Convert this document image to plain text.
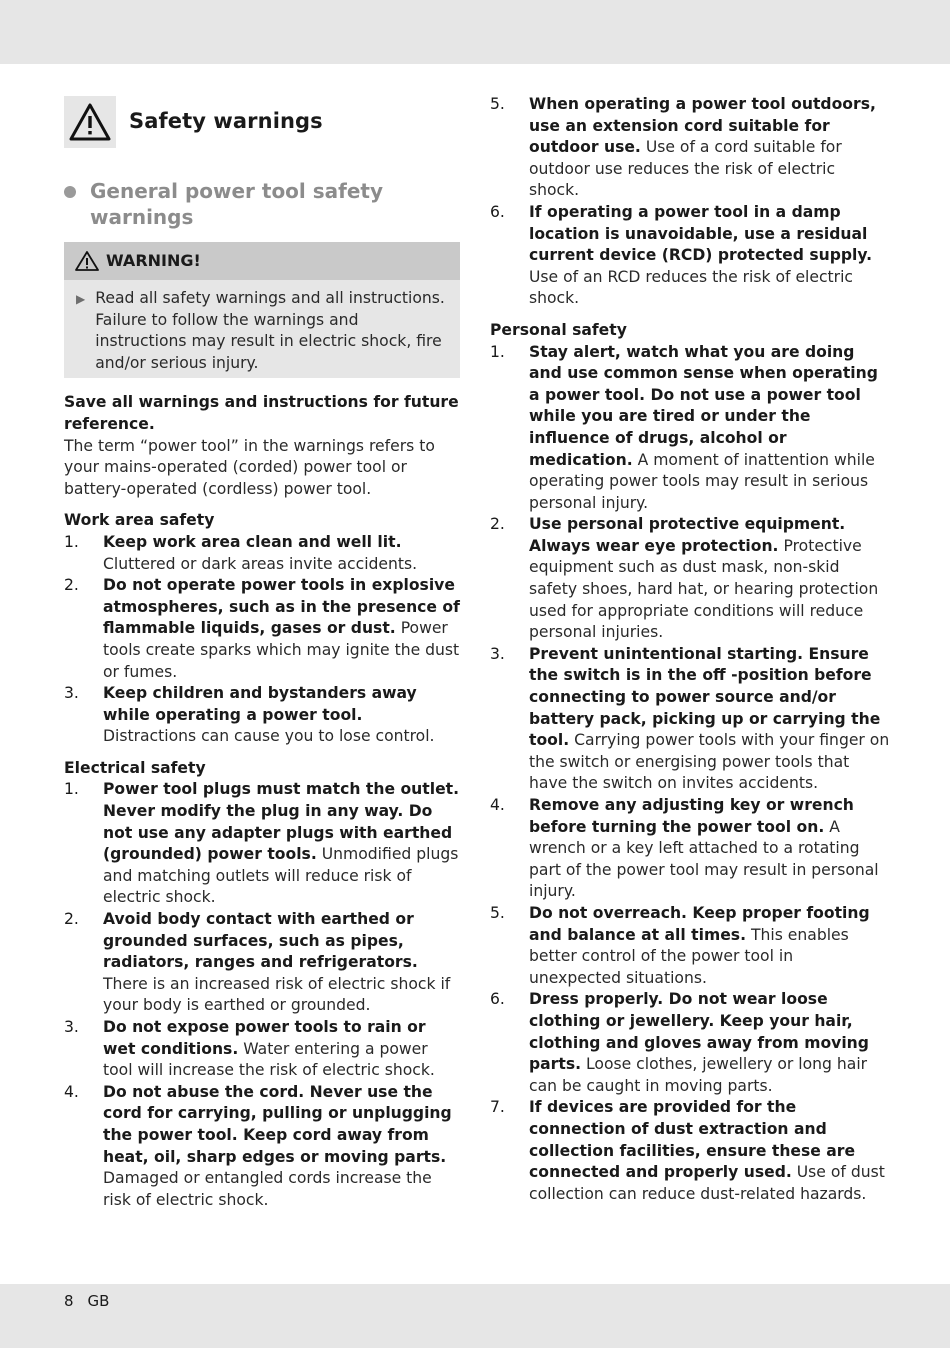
Safety warnings
General power tool safety warnings
WARNING!
▶ Read all safety warnings and all instructions. Failure to follow the warnings and instructions may result in electric shock, fire and/or serious injury.
Save all warnings and instructions for future reference.
The term “power tool” in the warnings refers to your mains-operated (corded) power tool or battery-operated (cordless) power tool.
Work area safety
1.	Keep work area clean and well lit. Cluttered or dark areas invite accidents.
2.	Do not operate power tools in explosive atmospheres, such as in the presence of flammable liquids, gases or dust. Power tools create sparks which may ignite the dust or fumes.
3.	Keep children and bystanders away while operating a power tool. Distractions can cause you to lose control.
Electrical safety
1.	Power tool plugs must match the outlet. Never modify the plug in any way. Do not use any adapter plugs with earthed (grounded) power tools. Unmodified plugs and matching outlets will reduce risk of electric shock.
2.	Avoid body contact with earthed or grounded surfaces, such as pipes, radiators, ranges and refrigerators. There is an increased risk of electric shock if your body is earthed or grounded.
3.	Do not expose power tools to rain or wet conditions. Water entering a power tool will increase the risk of electric shock.
4.	Do not abuse the cord. Never use the cord for carrying, pulling or unplugging the power tool. Keep cord away from heat, oil, sharp edges or moving parts. Damaged or entangled cords increase the risk of electric shock.
5.	When operating a power tool outdoors, use an extension cord suitable for outdoor use. Use of a cord suitable for outdoor use reduces the risk of electric shock.
6.	If operating a power tool in a damp location is unavoidable, use a residual current device (RCD) protected supply. Use of an RCD reduces the risk of electric shock.
Personal safety
1.	Stay alert, watch what you are doing and use common sense when operating a power tool. Do not use a power tool while you are tired or under the influence of drugs, alcohol or medication. A moment of inattention while operating power tools may result in serious personal injury.
2.	Use personal protective equipment. Always wear eye protection. Protective equipment such as dust mask, non-skid safety shoes, hard hat, or hearing protection used for appropriate conditions will reduce personal injuries.
3.	Prevent unintentional starting. Ensure the switch is in the off -position before connecting to power source and/or battery pack, picking up or carrying the tool. Carrying power tools with your finger on the switch or energising power tools that have the switch on invites accidents.
4.	Remove any adjusting key or wrench before turning the power tool on. A wrench or a key left attached to a rotating part of the power tool may result in personal injury.
5.	Do not overreach. Keep proper footing and balance at all times. This enables better control of the power tool in unexpected situations.
6.	Dress properly. Do not wear loose clothing or jewellery. Keep your hair, clothing and gloves away from moving parts. Loose clothes, jewellery or long hair can be caught in moving parts.
7.	If devices are provided for the connection of dust extraction and collection facilities, ensure these are connected and properly used. Use of dust collection can reduce dust-related hazards.
8 GB
